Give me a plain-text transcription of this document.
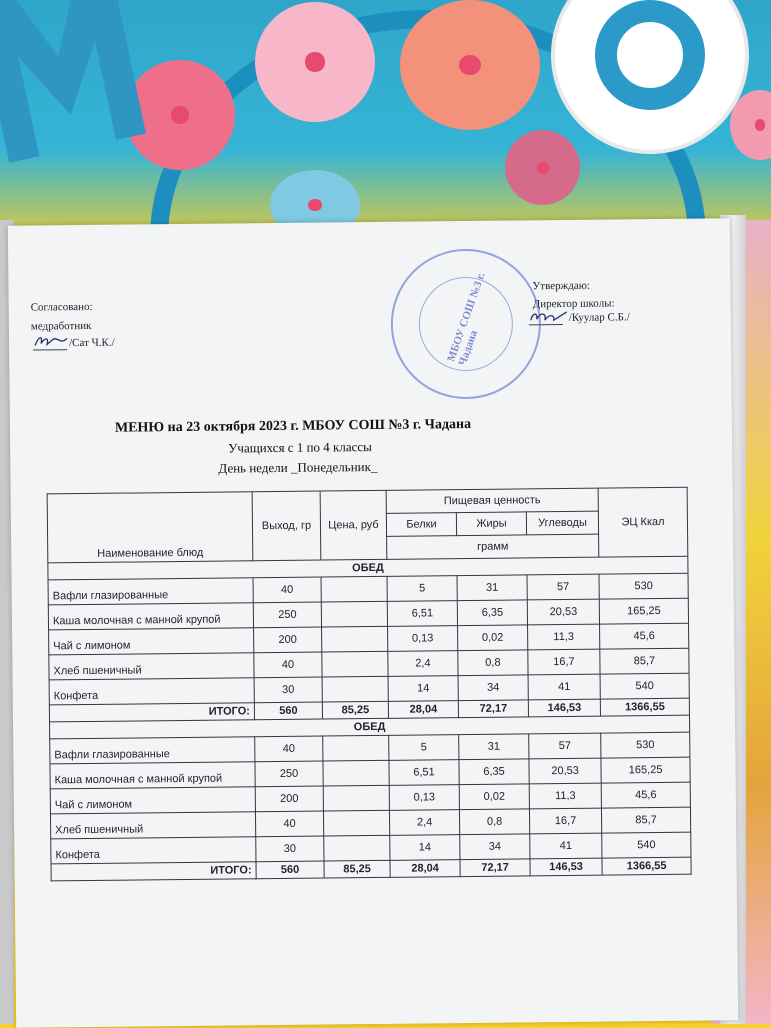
Согласовано:
медработник
/Сат Ч.К./
Утверждаю:
Директор школы:
/Куулар С.Б./
МБОУ СОШ №3 г. Чадана
МЕНЮ на 23 октября 2023 г. МБОУ СОШ №3 г. Чадана
Учащихся с 1 по 4 классы
День недели _Понедельник_
Наименование блюд	Выход, гр	Цена, руб	Пищевая ценность			ЭЦ Ккал
			Белки	Жиры	Углеводы	
			грамм			
ОБЕД						
Вафли глазированные	40		5	31	57	530
Каша молочная с манной крупой	250		6,51	6,35	20,53	165,25
Чай с лимоном	200		0,13	0,02	11,3	45,6
Хлеб пшеничный	40		2,4	0,8	16,7	85,7
Конфета	30		14	34	41	540
ИТОГО:	560	85,25	28,04	72,17	146,53	1366,55
ОБЕД						
Вафли глазированные	40		5	31	57	530
Каша молочная с манной крупой	250		6,51	6,35	20,53	165,25
Чай с лимоном	200		0,13	0,02	11,3	45,6
Хлеб пшеничный	40		2,4	0,8	16,7	85,7
Конфета	30		14	34	41	540
ИТОГО:	560	85,25	28,04	72,17	146,53	1366,55
